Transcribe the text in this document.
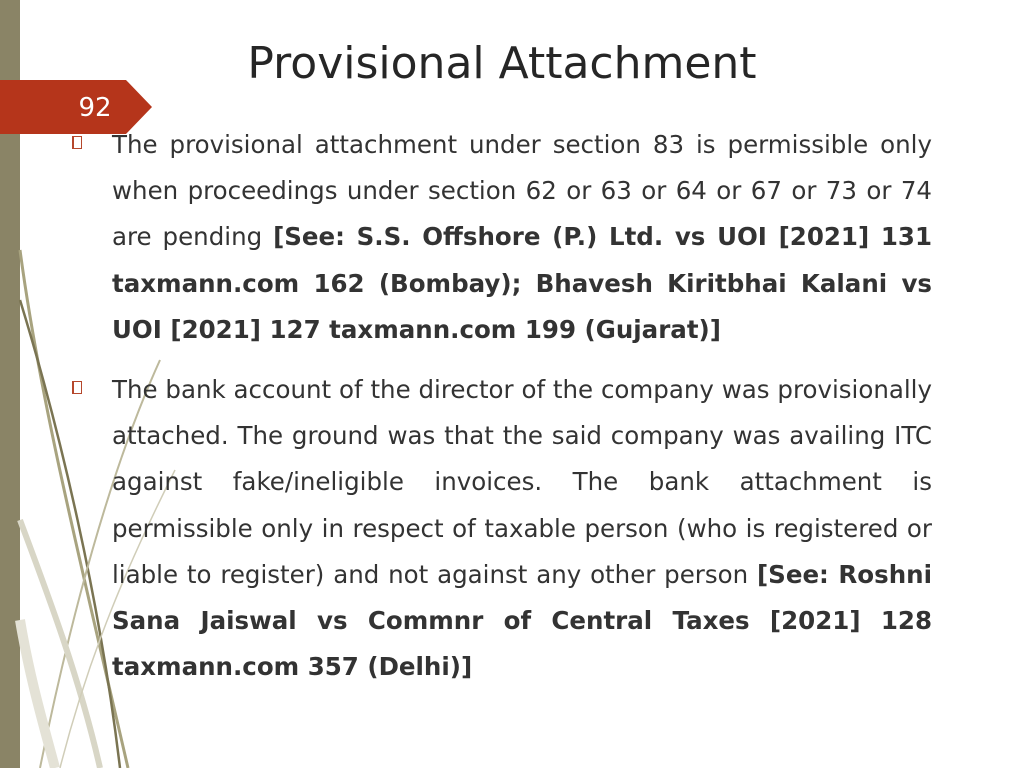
92
Provisional Attachment

The provisional attachment under section 83 is permissible only when proceedings under section 62 or 63 or 64 or 67 or 73 or 74 are pending [See: S.S. Offshore (P.) Ltd. vs UOI [2021] 131 taxmann.com 162 (Bombay); Bhavesh Kiritbhai Kalani vs UOI [2021] 127 taxmann.com 199 (Gujarat)]

The bank account of the director of the company was provisionally attached. The ground was that the said company was availing ITC against fake/ineligible invoices. The bank attachment is permissible only in respect of taxable person (who is registered or liable to register) and not against any other person [See: Roshni Sana Jaiswal vs Commnr of Central Taxes [2021] 128 taxmann.com 357 (Delhi)]
